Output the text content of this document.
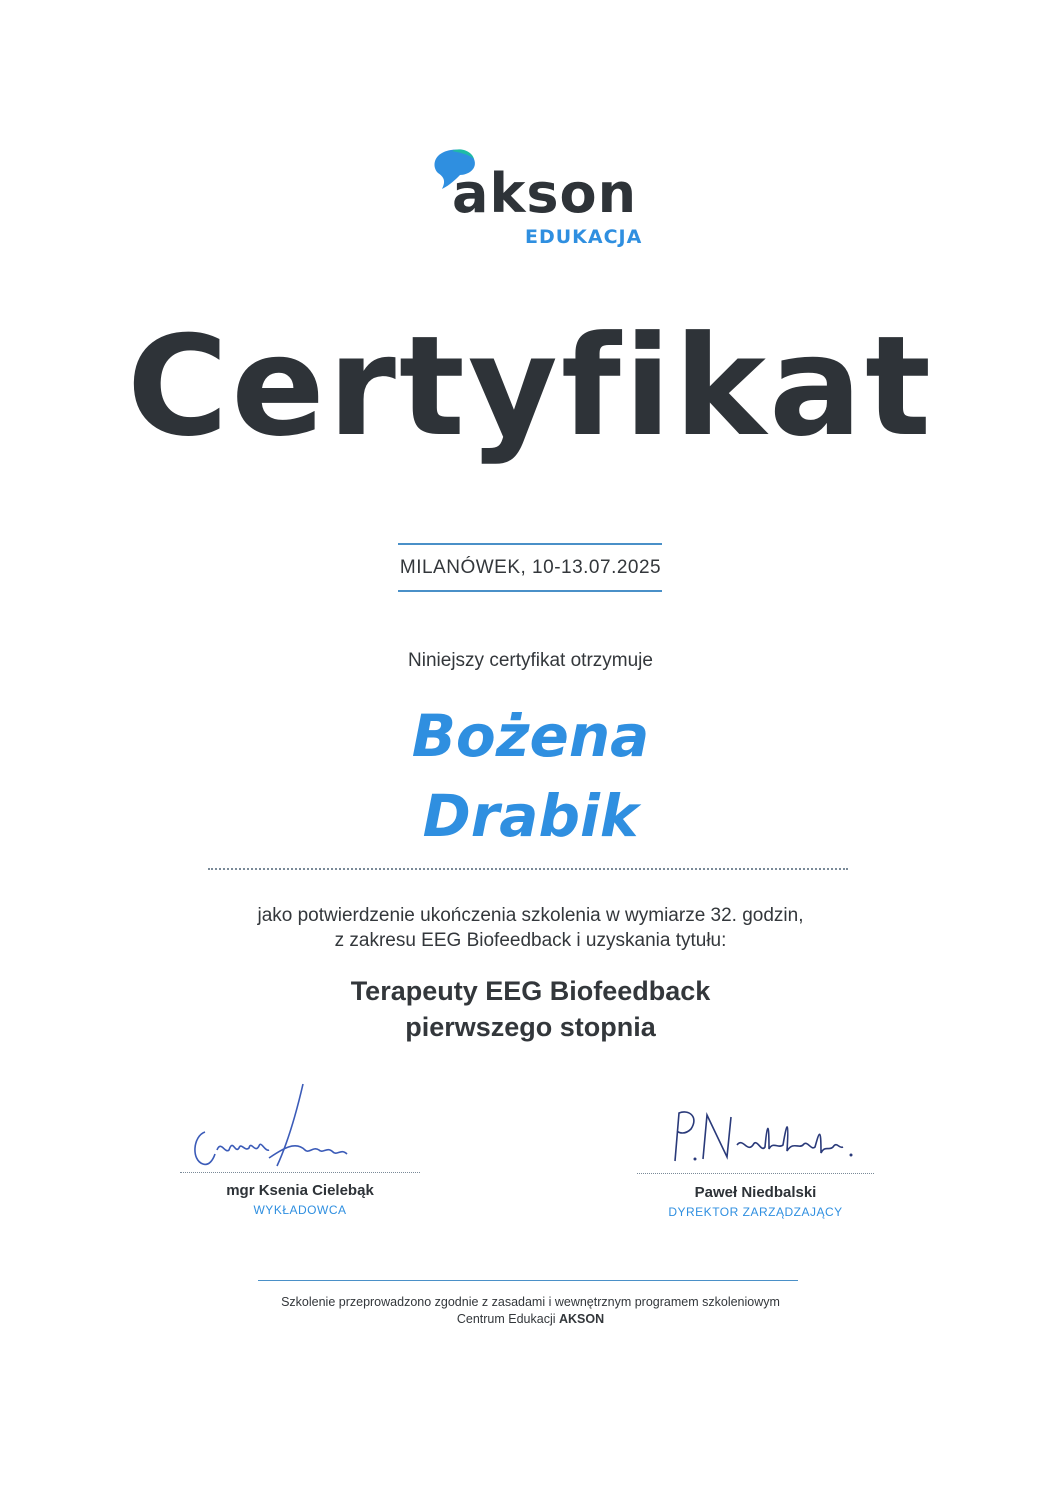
akson
EDUKACJA
Certyfikat
MILANÓWEK, 10-13.07.2025
Niniejszy certyfikat otrzymuje
Bożena
Drabik
jako potwierdzenie ukończenia szkolenia w wymiarze 32. godzin,
z zakresu EEG Biofeedback i uzyskania tytułu:
Terapeuty EEG Biofeedback
pierwszego stopnia
mgr Ksenia Cielebąk
WYKŁADOWCA
Paweł Niedbalski
DYREKTOR ZARZĄDZAJĄCY
Szkolenie przeprowadzono zgodnie z zasadami i wewnętrznym programem szkoleniowym
Centrum Edukacji AKSON
